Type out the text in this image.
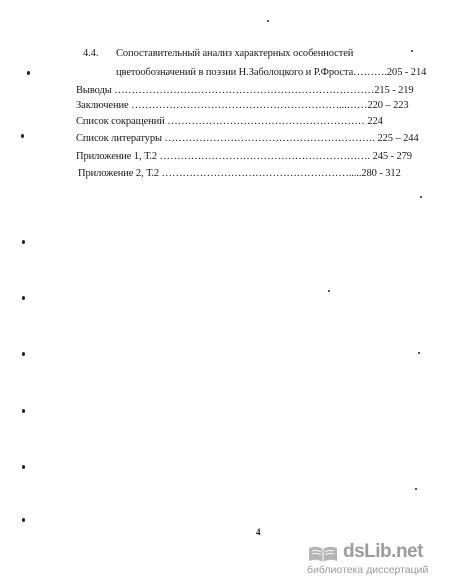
4.4. Сопоставительный анализ характерных особенностей
цветообозначений в поэзии Н.Заболоцкого и Р.Фроста……….205 - 214
Выводы …………………………………………………………………215 - 219
Заключение ……………………………………………………...……220 – 223
Список сокращений ………………………………………………… 224
Список литературы ……………………………………………………. 225 – 244
Приложение 1, Т.2 ……………………………………………………. 245 - 279
Приложение 2, Т.2 ……………………………………………….....280 - 312
4
dsLib.net
библиотека диссертаций
